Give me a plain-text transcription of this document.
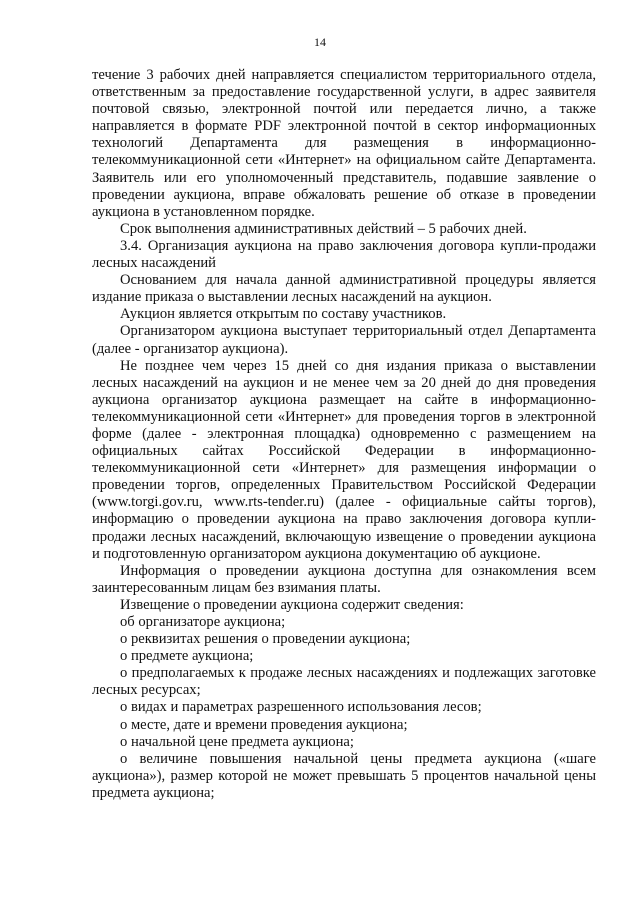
14

течение 3 рабочих дней направляется специалистом территориального отдела, ответственным за предоставление государственной услуги, в адрес заявителя почтовой связью, электронной почтой или передается лично, а также направляется в формате PDF электронной почтой в сектор информационных технологий Департамента для размещения в информационно-телекоммуникационной сети «Интернет» на официальном сайте Департамента. Заявитель или его уполномоченный представитель, подавшие заявление о проведении аукциона, вправе обжаловать решение об отказе в проведении аукциона в установленном порядке.

Срок выполнения административных действий – 5 рабочих дней.

3.4. Организация аукциона на право заключения договора купли-продажи лесных насаждений

Основанием для начала данной административной процедуры является издание приказа о выставлении лесных насаждений на аукцион.

Аукцион является открытым по составу участников.

Организатором аукциона выступает территориальный отдел Департамента (далее - организатор аукциона).

Не позднее чем через 15 дней со дня издания приказа о выставлении лесных насаждений на аукцион и не менее чем за 20 дней до дня проведения аукциона организатор аукциона размещает на сайте в информационно-телекоммуникационной сети «Интернет» для проведения торгов в электронной форме (далее - электронная площадка) одновременно с размещением на официальных сайтах Российской Федерации в информационно-телекоммуникационной сети «Интернет» для размещения информации о проведении торгов, определенных Правительством Российской Федерации (www.torgi.gov.ru, www.rts-tender.ru) (далее - официальные сайты торгов), информацию о проведении аукциона на право заключения договора купли-продажи лесных насаждений, включающую извещение о проведении аукциона и подготовленную организатором аукциона документацию об аукционе.

Информация о проведении аукциона доступна для ознакомления всем заинтересованным лицам без взимания платы.

Извещение о проведении аукциона содержит сведения:

об организаторе аукциона;

о реквизитах решения о проведении аукциона;

о предмете аукциона;

о предполагаемых к продаже лесных насаждениях и подлежащих заготовке лесных ресурсах;

о видах и параметрах разрешенного использования лесов;

о месте, дате и времени проведения аукциона;

о начальной цене предмета аукциона;

о величине повышения начальной цены предмета аукциона («шаге аукциона»), размер которой не может превышать 5 процентов начальной цены предмета аукциона;
